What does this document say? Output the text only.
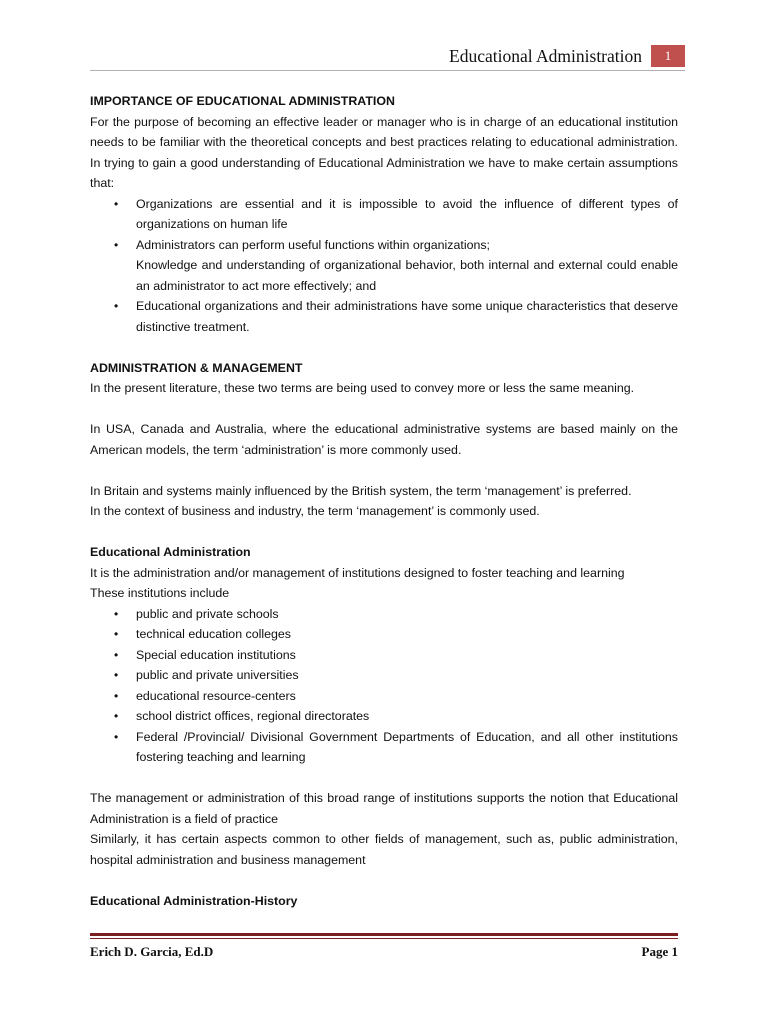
Educational Administration	1

IMPORTANCE OF EDUCATIONAL ADMINISTRATION

For the purpose of becoming an effective leader or manager who is in charge of an educational institution needs to be familiar with the theoretical concepts and best practices relating to educational administration. In trying to gain a good understanding of Educational Administration we have to make certain assumptions that:

• Organizations are essential and it is impossible to avoid the influence of different types of organizations on human life
• Administrators can perform useful functions within organizations;

Knowledge and understanding of organizational behavior, both internal and external could enable an administrator to act more effectively; and

• Educational organizations and their administrations have some unique characteristics that deserve distinctive treatment.

ADMINISTRATION & MANAGEMENT

In the present literature, these two terms are being used to convey more or less the same meaning.

In USA, Canada and Australia, where the educational administrative systems are based mainly on the American models, the term ‘administration’ is more commonly used.

In Britain and systems mainly influenced by the British system, the term ‘management’ is preferred.

In the context of business and industry, the term ‘management’ is commonly used.

Educational Administration

It is the administration and/or management of institutions designed to foster teaching and learning

These institutions include

• public and private schools
• technical education colleges
• Special education institutions
• public and private universities
• educational resource-centers
• school district offices, regional directorates
• Federal /Provincial/ Divisional Government Departments of Education, and all other institutions fostering teaching and learning

The management or administration of this broad range of institutions supports the notion that Educational Administration is a field of practice

Similarly, it has certain aspects common to other fields of management, such as, public administration, hospital administration and business management

Educational Administration-History

Erich D. Garcia, Ed.D	Page 1
